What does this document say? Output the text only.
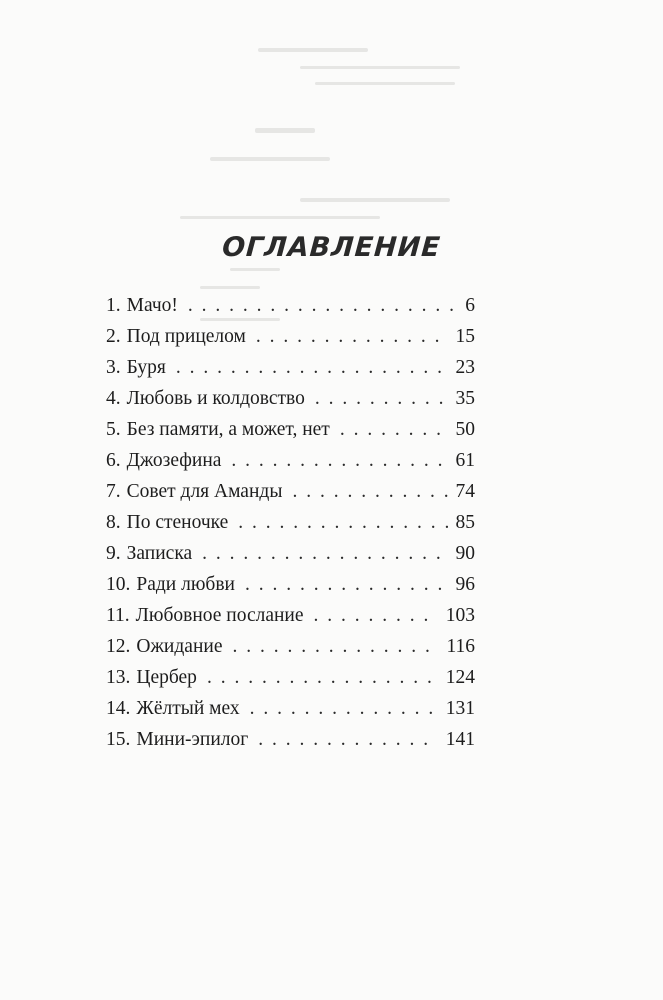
ОГЛАВЛЕНИЕ
1. Мачо! . . .	6
2. Под прицелом . . .	15
3. Буря . . .	23
4. Любовь и колдовство . . .	35
5. Без памяти, а может, нет . . .	50
6. Джозефина . . .	61
7. Совет для Аманды . . .	74
8. По стеночке . . .	85
9. Записка . . .	90
10. Ради любви . . .	96
11. Любовное послание . . .	103
12. Ожидание . . .	116
13. Цербер . . .	124
14. Жёлтый мех . . .	131
15. Мини-эпилог . . .	141
